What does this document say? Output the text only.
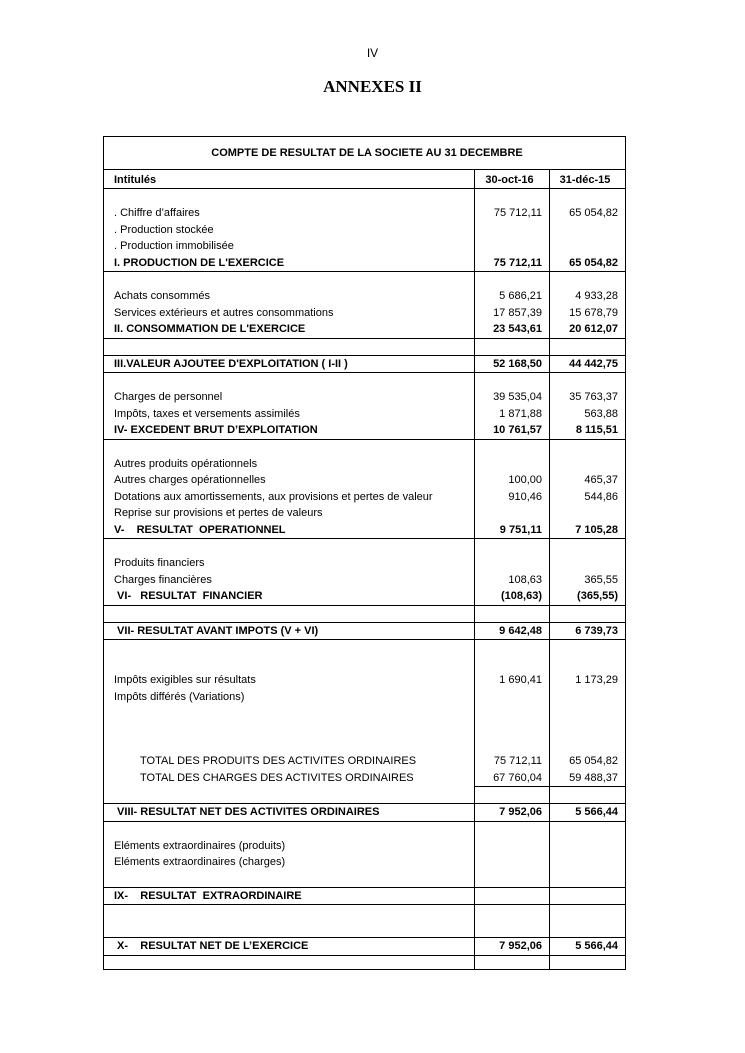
IV
ANNEXES II
COMPTE DE RESULTAT DE LA SOCIETE AU 31 DECEMBRE		
Intitulés	30-oct-16	31-déc-15

. Chiffre d’affaires	75 712,11	65 054,82
. Production stockée		
. Production immobilisée		
I. PRODUCTION DE L'EXERCICE	75 712,11	65 054,82

Achats consommés	5 686,21	4 933,28
Services extérieurs et autres consommations	17 857,39	15 678,79
II. CONSOMMATION DE L'EXERCICE	23 543,61	20 612,07

III.VALEUR AJOUTEE D'EXPLOITATION ( I-II )	52 168,50	44 442,75

Charges de personnel	39 535,04	35 763,37
Impôts, taxes et versements assimilés	1 871,88	563,88
IV- EXCEDENT BRUT D’EXPLOITATION	10 761,57	8 115,51

Autres produits opérationnels		
Autres charges opérationnelles	100,00	465,37
Dotations aux amortissements, aux provisions et pertes de valeur	910,46	544,86
Reprise sur provisions et pertes de valeurs		
V-    RESULTAT  OPERATIONNEL	9 751,11	7 105,28

Produits financiers		
Charges financières	108,63	365,55
VI-   RESULTAT  FINANCIER	(108,63)	(365,55)

VII- RESULTAT AVANT IMPOTS (V + VI)	9 642,48	6 739,73

Impôts exigibles sur résultats	1 690,41	1 173,29
Impôts différés (Variations)		

TOTAL DES PRODUITS DES ACTIVITES ORDINAIRES	75 712,11	65 054,82
TOTAL DES CHARGES DES ACTIVITES ORDINAIRES	67 760,04	59 488,37

VIII- RESULTAT NET DES ACTIVITES ORDINAIRES	7 952,06	5 566,44

Eléments extraordinaires (produits)		
Eléments extraordinaires (charges)		

IX-    RESULTAT  EXTRAORDINAIRE		

X-    RESULTAT NET DE L’EXERCICE	7 952,06	5 566,44
